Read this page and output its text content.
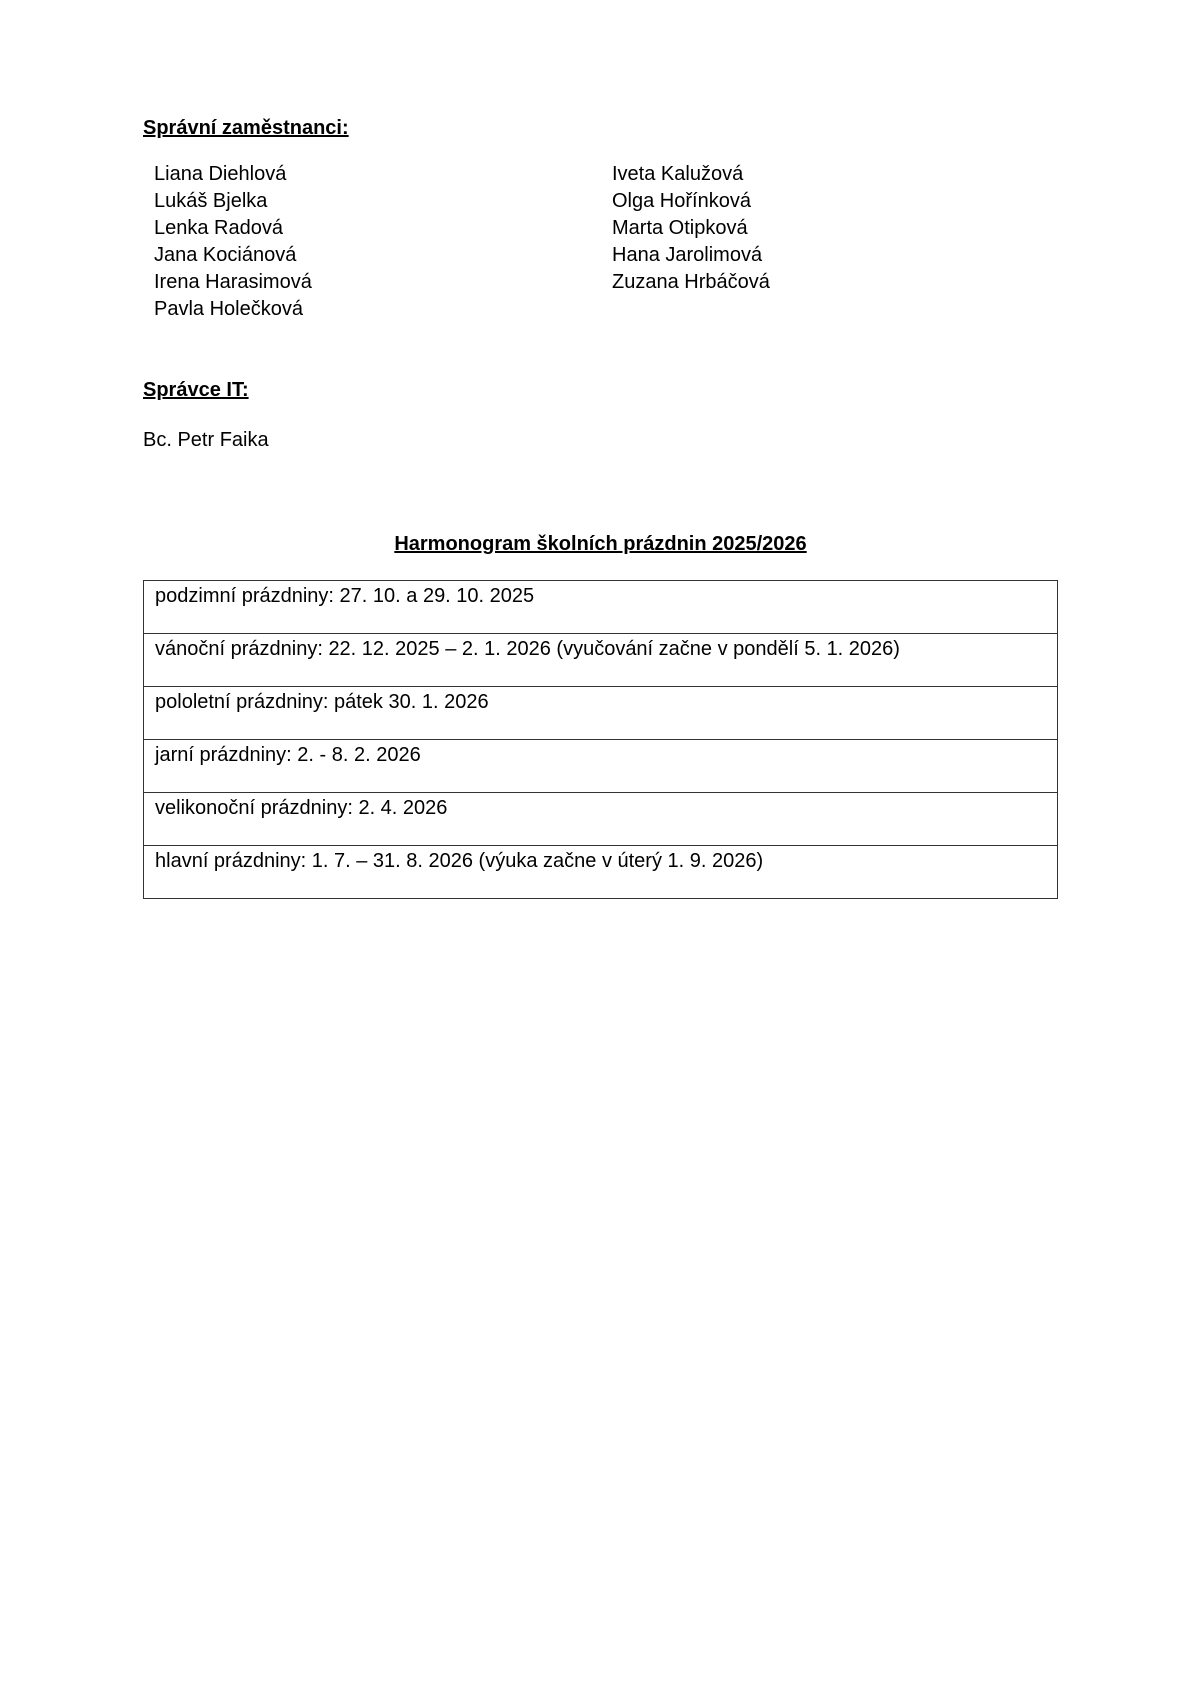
Správní zaměstnanci:
Liana Diehlová
Lukáš Bjelka
Lenka Radová
Jana Kociánová
Irena Harasimová
Pavla Holečková
Iveta Kalužová
Olga Hořínková
Marta Otipková
Hana Jarolimová
Zuzana Hrbáčová
Správce IT:
Bc. Petr Faika
Harmonogram školních prázdnin 2025/2026
podzimní prázdniny: 27. 10. a 29. 10. 2025
vánoční prázdniny: 22. 12. 2025 – 2. 1. 2026 (vyučování začne v pondělí 5. 1. 2026)
pololetní prázdniny: pátek 30. 1. 2026
jarní prázdniny: 2. - 8. 2. 2026
velikonoční prázdniny: 2. 4. 2026
hlavní prázdniny: 1. 7. – 31. 8. 2026 (výuka začne v úterý 1. 9. 2026)
